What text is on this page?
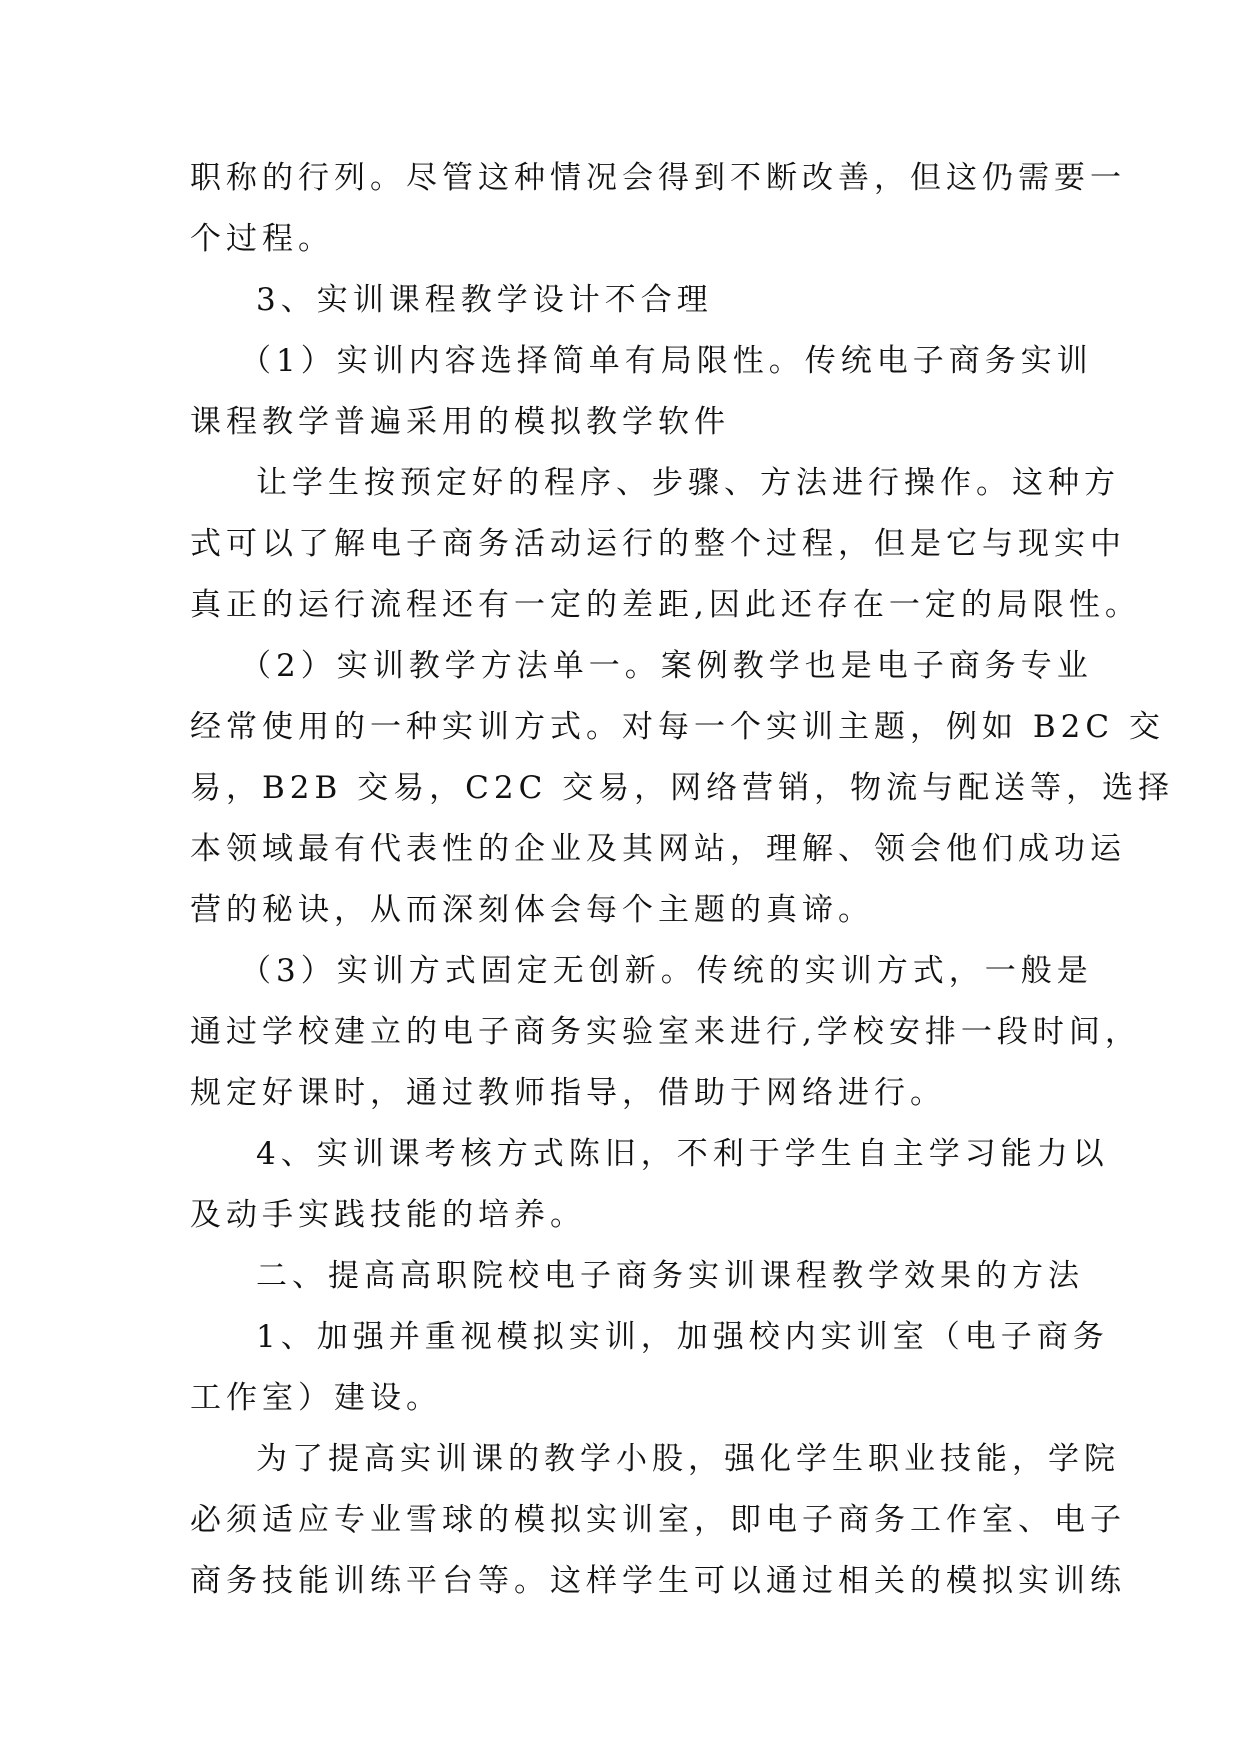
职称的行列。尽管这种情况会得到不断改善，但这仍需要一
个过程。
3、实训课程教学设计不合理
（1）实训内容选择简单有局限性。传统电子商务实训
课程教学普遍采用的模拟教学软件
让学生按预定好的程序、步骤、方法进行操作。这种方
式可以了解电子商务活动运行的整个过程，但是它与现实中
真正的运行流程还有一定的差距,因此还存在一定的局限性。
（2）实训教学方法单一。案例教学也是电子商务专业
经常使用的一种实训方式。对每一个实训主题，例如 B2C 交
易，B2B 交易，C2C 交易，网络营销，物流与配送等，选择
本领域最有代表性的企业及其网站，理解、领会他们成功运
营的秘诀，从而深刻体会每个主题的真谛。
（3）实训方式固定无创新。传统的实训方式，一般是
通过学校建立的电子商务实验室来进行,学校安排一段时间，
规定好课时，通过教师指导，借助于网络进行。
4、实训课考核方式陈旧，不利于学生自主学习能力以
及动手实践技能的培养。
二、提高高职院校电子商务实训课程教学效果的方法
1、加强并重视模拟实训，加强校内实训室（电子商务
工作室）建设。
为了提高实训课的教学小股，强化学生职业技能，学院
必须适应专业雪球的模拟实训室，即电子商务工作室、电子
商务技能训练平台等。这样学生可以通过相关的模拟实训练
